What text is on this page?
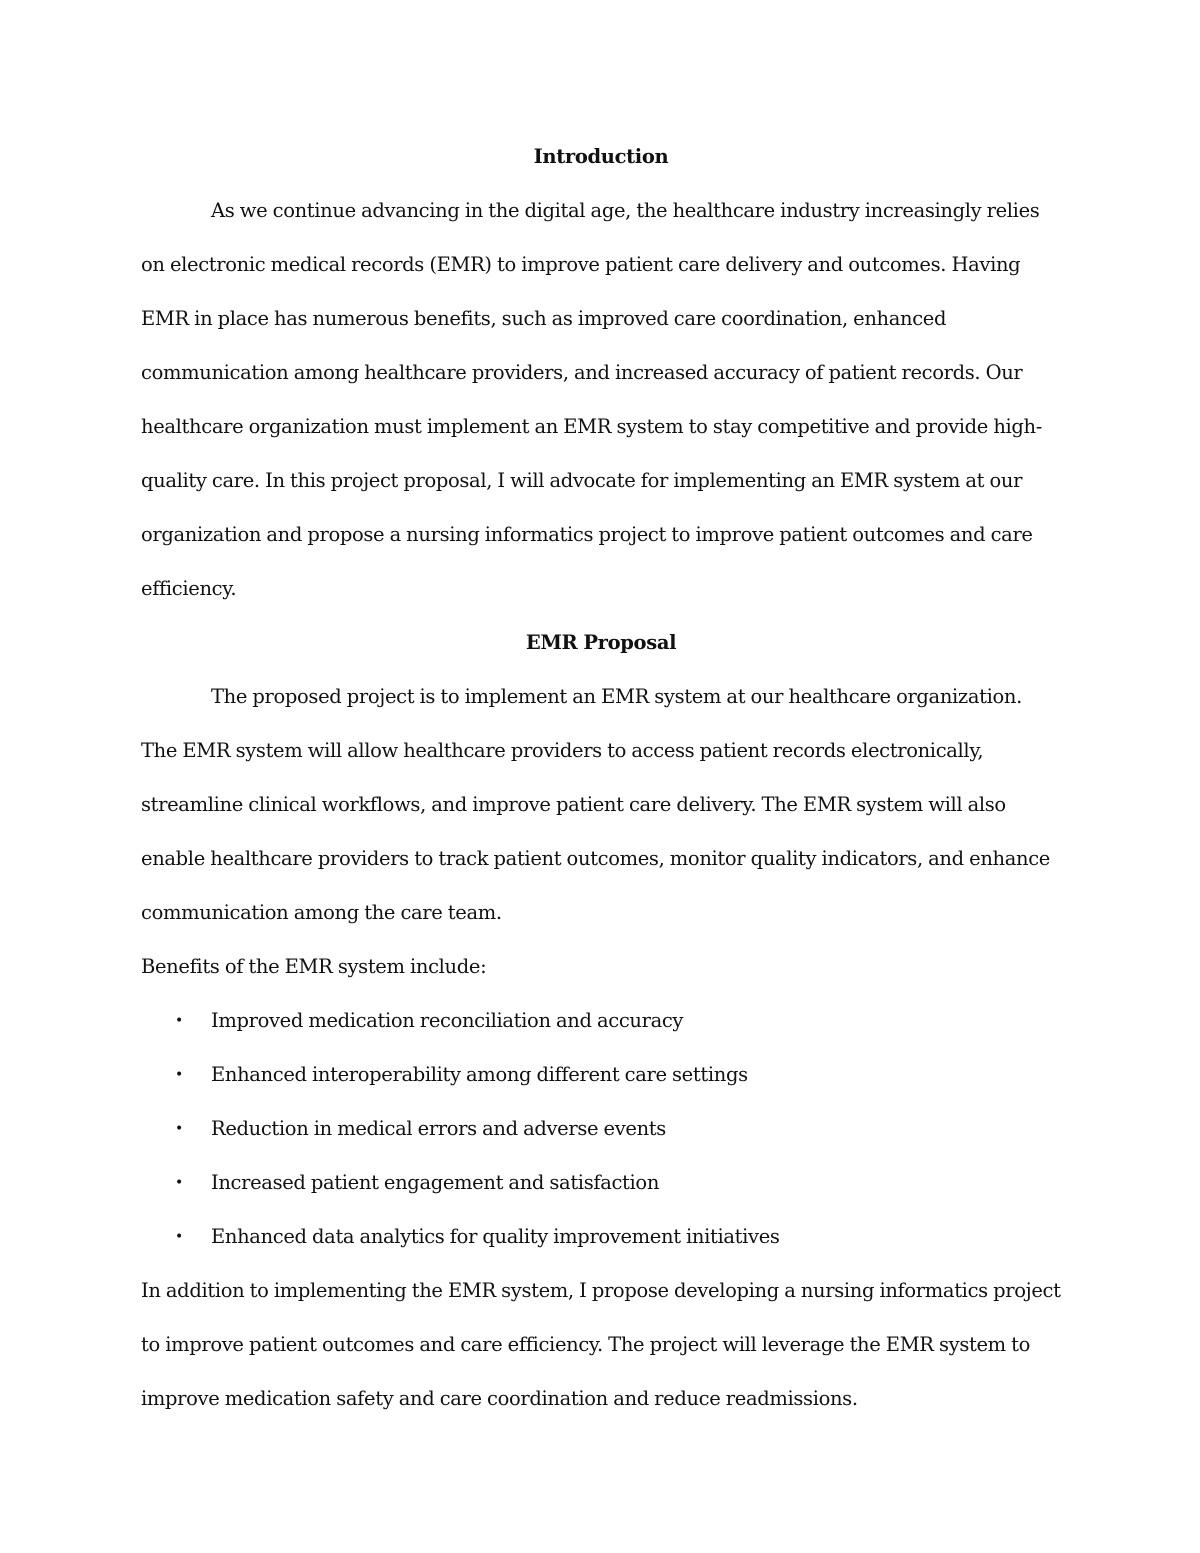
Introduction

As we continue advancing in the digital age, the healthcare industry increasingly relies on electronic medical records (EMR) to improve patient care delivery and outcomes. Having EMR in place has numerous benefits, such as improved care coordination, enhanced communication among healthcare providers, and increased accuracy of patient records. Our healthcare organization must implement an EMR system to stay competitive and provide high-quality care. In this project proposal, I will advocate for implementing an EMR system at our organization and propose a nursing informatics project to improve patient outcomes and care efficiency.

EMR Proposal

The proposed project is to implement an EMR system at our healthcare organization. The EMR system will allow healthcare providers to access patient records electronically, streamline clinical workflows, and improve patient care delivery. The EMR system will also enable healthcare providers to track patient outcomes, monitor quality indicators, and enhance communication among the care team.

Benefits of the EMR system include:

• Improved medication reconciliation and accuracy
• Enhanced interoperability among different care settings
• Reduction in medical errors and adverse events
• Increased patient engagement and satisfaction
• Enhanced data analytics for quality improvement initiatives

In addition to implementing the EMR system, I propose developing a nursing informatics project to improve patient outcomes and care efficiency. The project will leverage the EMR system to improve medication safety and care coordination and reduce readmissions.
